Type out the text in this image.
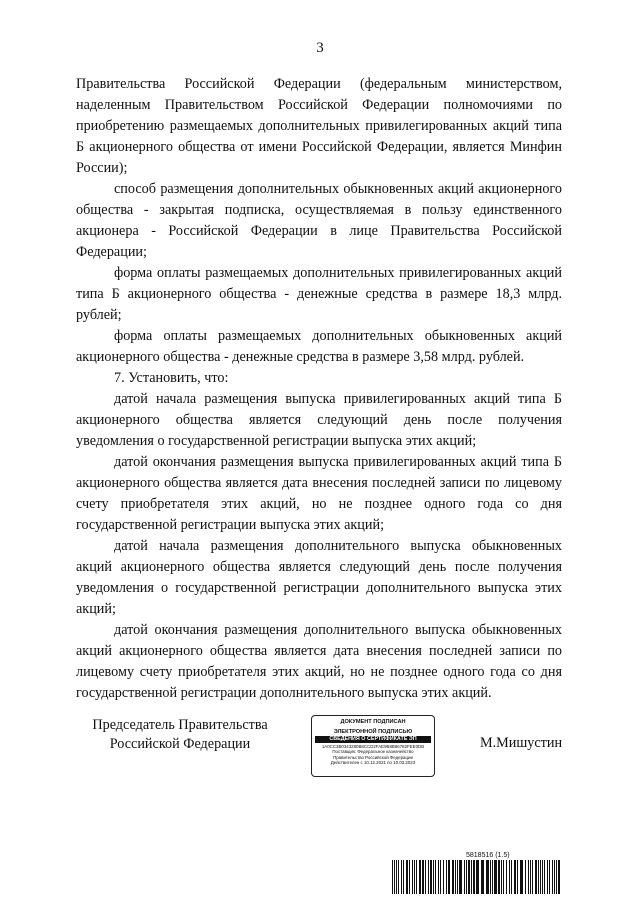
3

Правительства Российской Федерации (федеральным министерством, наделенным Правительством Российской Федерации полномочиями по приобретению размещаемых дополнительных привилегированных акций типа Б акционерного общества от имени Российской Федерации, является Минфин России);

способ размещения дополнительных обыкновенных акций акционерного общества - закрытая подписка, осуществляемая в пользу единственного акционера - Российской Федерации в лице Правительства Российской Федерации;

форма оплаты размещаемых дополнительных привилегированных акций типа Б акционерного общества - денежные средства в размере 18,3 млрд. рублей;

форма оплаты размещаемых дополнительных обыкновенных акций акционерного общества - денежные средства в размере 3,58 млрд. рублей.

7. Установить, что:

датой начала размещения выпуска привилегированных акций типа Б акционерного общества является следующий день после получения уведомления о государственной регистрации выпуска этих акций;

датой окончания размещения выпуска привилегированных акций типа Б акционерного общества является дата внесения последней записи по лицевому счету приобретателя этих акций, но не позднее одного года со дня государственной регистрации выпуска этих акций;

датой начала размещения дополнительного выпуска обыкновенных акций акционерного общества является следующий день после получения уведомления о государственной регистрации дополнительного выпуска этих акций;

датой окончания размещения дополнительного выпуска обыкновенных акций акционерного общества является дата внесения последней записи по лицевому счету приобретателя этих акций, но не позднее одного года со дня государственной регистрации дополнительного выпуска этих акций.

Председатель Правительства
Российской Федерации
ДОКУМЕНТ ПОДПИСАН
ЭЛЕКТРОННОЙ ПОДПИСЬЮ
СВЕДЕНИЯ О СЕРТИФИКАТЕ ЭП
1A0CC3B0343280B8CCD2FAE9B8B86782FEE0DB
Поставщик: Федеральное казначейство
Правительство Российской Федерации
Действителен с 10.12.2021 по 10.03.2023
М.Мишустин
5818516 (1.5)
